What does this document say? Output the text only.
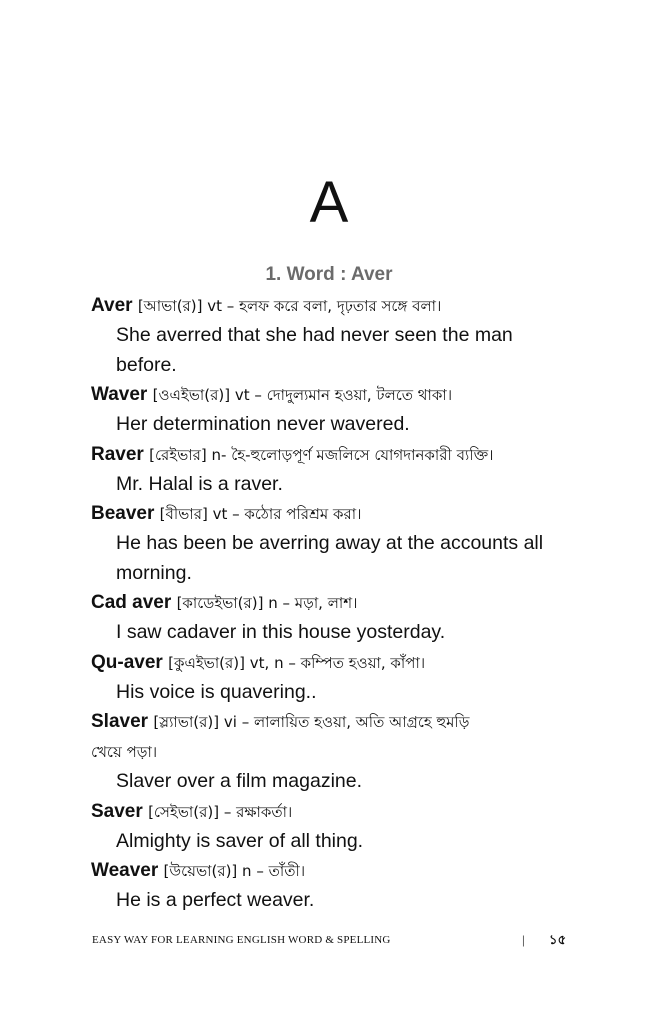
A
1. Word : Aver

Aver [আভা(র)] vt – হলফ করে বলা, দৃঢ়তার সঙ্গে বলা।

She averred that she had never seen the man before.

Waver [ওএইভা(র)] vt – দোদুল্যমান হওয়া, টলতে থাকা।

Her determination never wavered.

Raver [রেইভার] n- হৈ-হুলোড়পূর্ণ মজলিসে যোগদানকারী ব্যক্তি।

Mr. Halal is a raver.

Beaver [বীভার] vt – কঠোর পরিশ্রম করা।

He has been be averring away at the accounts all morning.

Cad aver [কাডেইভা(র)] n – মড়া, লাশ।

I saw cadaver in this house yosterday.

Qu-aver [কুএইভা(র)] vt, n – কম্পিত হওয়া, কাঁপা।

His voice is quavering..

Slaver [স্ল্যাভা(র)] vi – লালায়িত হওয়া, অতি আগ্রহে হুমড়ি

খেয়ে পড়া।

Slaver over a film magazine.

Saver [সেইভা(র)] – রক্ষাকর্তা।

Almighty is saver of all thing.

Weaver [উয়েভা(র)] n – তাঁতী।

He is a perfect weaver.

EASY WAY FOR LEARNING ENGLISH WORD & SPELLING	| ১৫
